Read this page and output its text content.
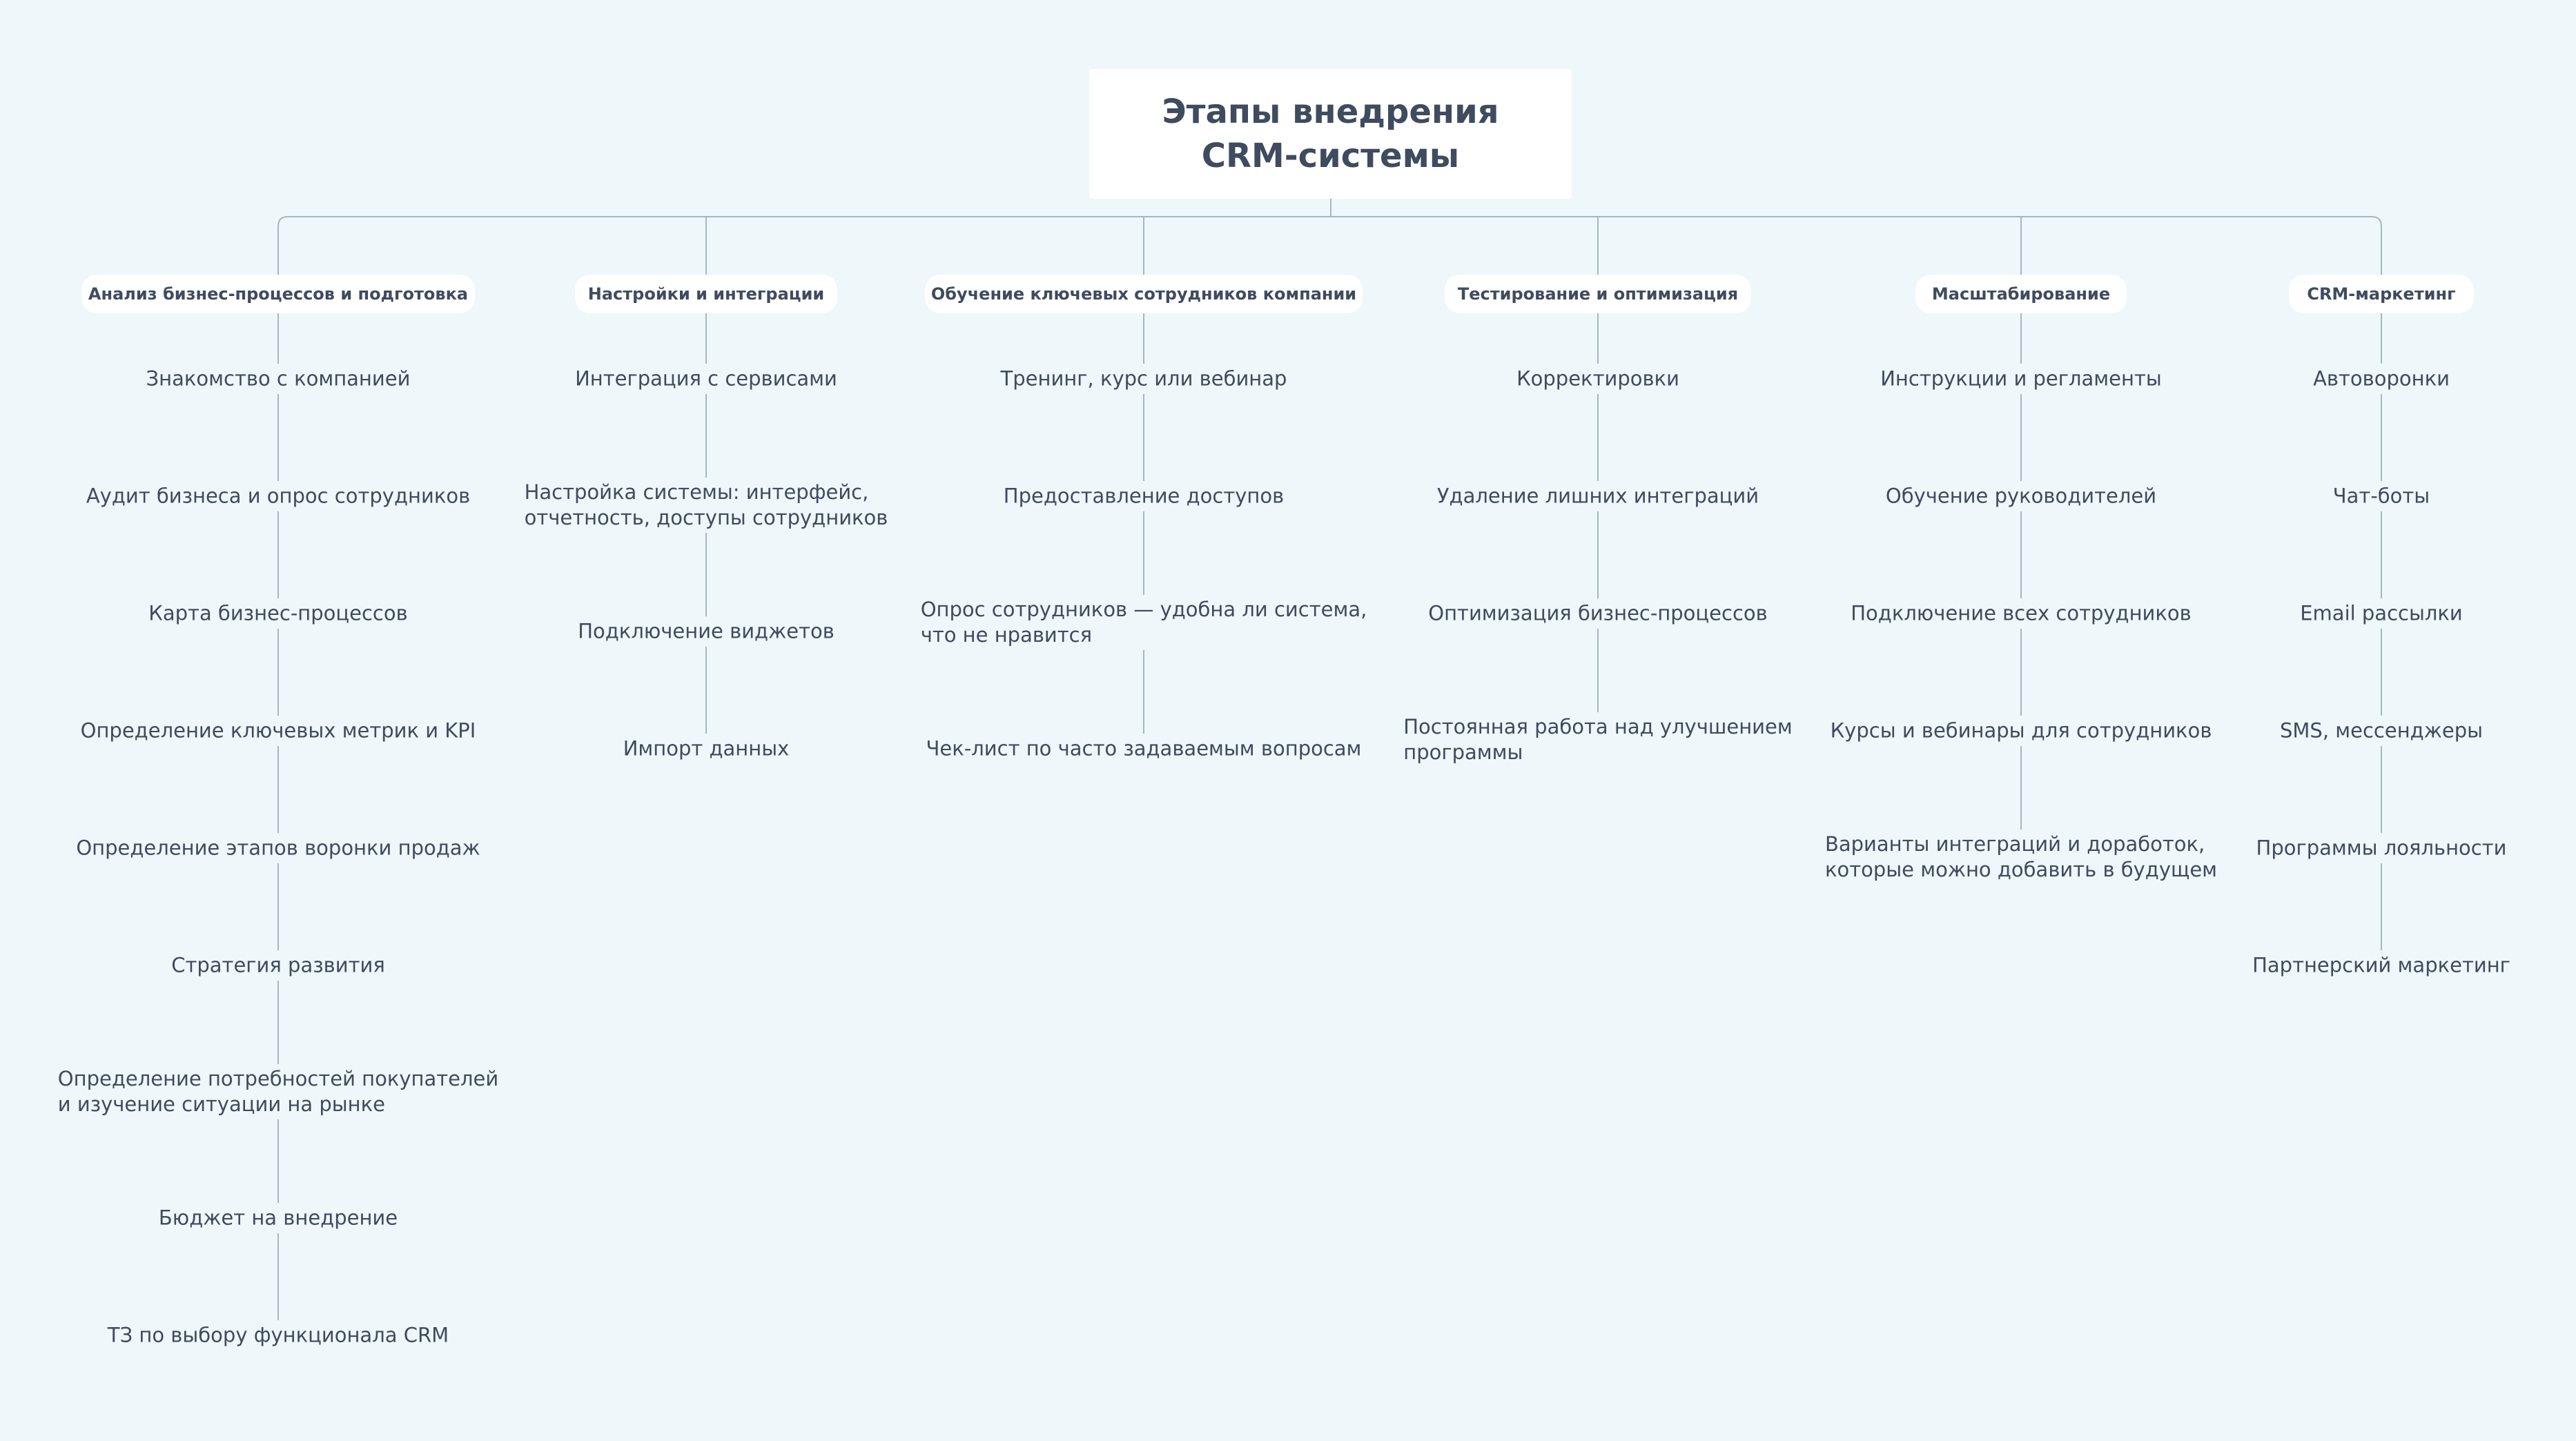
Этапы внедрения CRM-системы
Анализ бизнес-процессов и подготовка
Знакомство с компанией
Аудит бизнеса и опрос сотрудников
Карта бизнес-процессов
Определение ключевых метрик и KPI
Определение этапов воронки продаж
Стратегия развития
Определение потребностей покупателей
и изучение ситуации на рынке
Бюджет на внедрение
ТЗ по выбору функционала CRM
Настройки и интеграции
Интеграция с сервисами
Настройка системы: интерфейс,
отчетность, доступы сотрудников
Подключение виджетов
Импорт данных
Обучение ключевых сотрудников компании
Тренинг, курс или вебинар
Предоставление доступов
Опрос сотрудников — удобна ли система,
что не нравится
Чек-лист по часто задаваемым вопросам
Тестирование и оптимизация
Корректировки
Удаление лишних интеграций
Оптимизация бизнес-процессов
Постоянная работа над улучшением
программы
Масштабирование
Инструкции и регламенты
Обучение руководителей
Подключение всех сотрудников
Курсы и вебинары для сотрудников
Варианты интеграций и доработок,
которые можно добавить в будущем
CRM-маркетинг
Автоворонки
Чат-боты
Email рассылки
SMS, мессенджеры
Программы лояльности
Партнерский маркетинг
